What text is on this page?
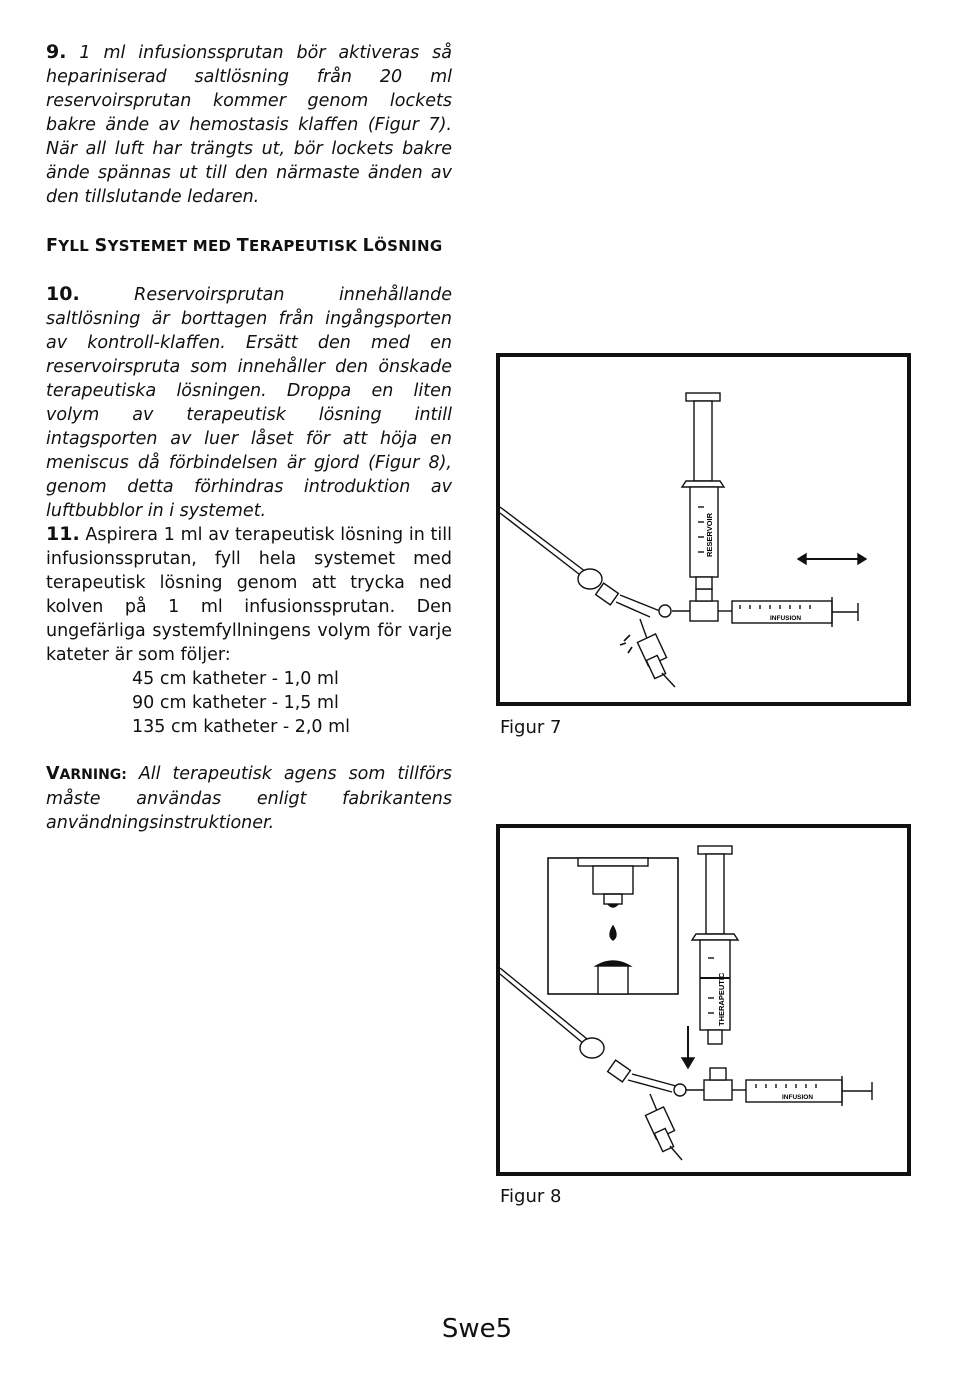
9. 1 ml infusionssprutan bör aktiveras så hepariniserad saltlösning från 20 ml reservoirsprutan kommer genom lockets bakre ände av hemostasis klaffen (Figur 7). När all luft har trängts ut, bör lockets bakre ände spännas ut till den närmaste änden av den tillslutande ledaren.

FYLL SYSTEMET MED TERAPEUTISK LÖSNING

10.	Reservoirsprutan innehållande saltlösning är borttagen från ingångsporten av kontroll-klaffen. Ersätt den med en reservoirspruta som innehåller den önskade terapeutiska lösningen. Droppa en liten volym av terapeutisk lösning intill intagsporten av luer låset för att höja en meniscus då förbindelsen är gjord (Figur 8), genom detta förhindras introduktion av luftbubblor in i systemet.

11. Aspirera 1 ml av terapeutisk lösning in till infusionssprutan, fyll hela systemet med terapeutisk lösning genom att trycka ned kolven på 1 ml infusionssprutan. Den ungefärliga systemfyllningens volym för varje kateter är som följer:

45 cm katheter - 1,0 ml
90 cm katheter - 1,5 ml
135 cm katheter - 2,0 ml

VARNING: All terapeutisk agens som tillförs måste användas enligt fabrikantens användningsinstruktioner.

RESERVOIR
INFUSION
Figur 7
THERAPEUTIC
INFUSION
Figur 8
Swe5
